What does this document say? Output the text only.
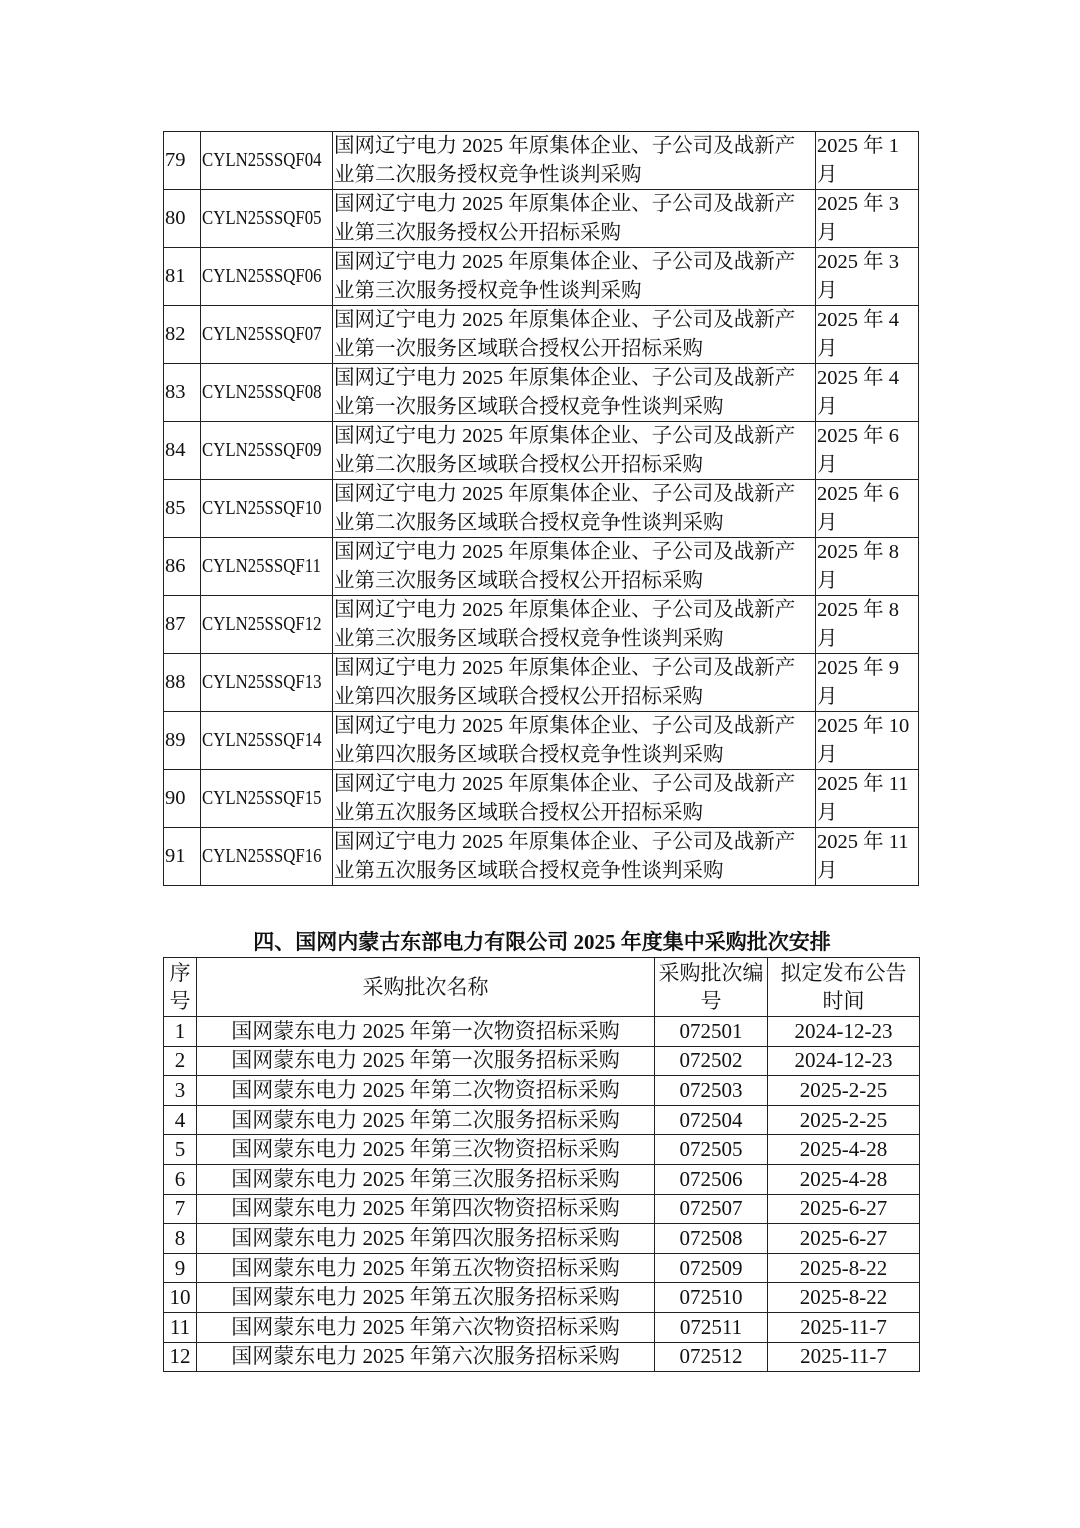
79	CYLN25SSQF04	国网辽宁电力 2025 年原集体企业、子公司及战新产
业第二次服务授权竞争性谈判采购	2025 年 1
月
80	CYLN25SSQF05	国网辽宁电力 2025 年原集体企业、子公司及战新产
业第三次服务授权公开招标采购	2025 年 3
月
81	CYLN25SSQF06	国网辽宁电力 2025 年原集体企业、子公司及战新产
业第三次服务授权竞争性谈判采购	2025 年 3
月
82	CYLN25SSQF07	国网辽宁电力 2025 年原集体企业、子公司及战新产
业第一次服务区域联合授权公开招标采购	2025 年 4
月
83	CYLN25SSQF08	国网辽宁电力 2025 年原集体企业、子公司及战新产
业第一次服务区域联合授权竞争性谈判采购	2025 年 4
月
84	CYLN25SSQF09	国网辽宁电力 2025 年原集体企业、子公司及战新产
业第二次服务区域联合授权公开招标采购	2025 年 6
月
85	CYLN25SSQF10	国网辽宁电力 2025 年原集体企业、子公司及战新产
业第二次服务区域联合授权竞争性谈判采购	2025 年 6
月
86	CYLN25SSQF11	国网辽宁电力 2025 年原集体企业、子公司及战新产
业第三次服务区域联合授权公开招标采购	2025 年 8
月
87	CYLN25SSQF12	国网辽宁电力 2025 年原集体企业、子公司及战新产
业第三次服务区域联合授权竞争性谈判采购	2025 年 8
月
88	CYLN25SSQF13	国网辽宁电力 2025 年原集体企业、子公司及战新产
业第四次服务区域联合授权公开招标采购	2025 年 9
月
89	CYLN25SSQF14	国网辽宁电力 2025 年原集体企业、子公司及战新产
业第四次服务区域联合授权竞争性谈判采购	2025 年 10
月
90	CYLN25SSQF15	国网辽宁电力 2025 年原集体企业、子公司及战新产
业第五次服务区域联合授权公开招标采购	2025 年 11
月
91	CYLN25SSQF16	国网辽宁电力 2025 年原集体企业、子公司及战新产
业第五次服务区域联合授权竞争性谈判采购	2025 年 11
月
四、国网内蒙古东部电力有限公司 2025 年度集中采购批次安排
序
号	采购批次名称	采购批次编
号	拟定发布公告
时间
1	国网蒙东电力 2025 年第一次物资招标采购	072501	2024-12-23
2	国网蒙东电力 2025 年第一次服务招标采购	072502	2024-12-23
3	国网蒙东电力 2025 年第二次物资招标采购	072503	2025-2-25
4	国网蒙东电力 2025 年第二次服务招标采购	072504	2025-2-25
5	国网蒙东电力 2025 年第三次物资招标采购	072505	2025-4-28
6	国网蒙东电力 2025 年第三次服务招标采购	072506	2025-4-28
7	国网蒙东电力 2025 年第四次物资招标采购	072507	2025-6-27
8	国网蒙东电力 2025 年第四次服务招标采购	072508	2025-6-27
9	国网蒙东电力 2025 年第五次物资招标采购	072509	2025-8-22
10	国网蒙东电力 2025 年第五次服务招标采购	072510	2025-8-22
11	国网蒙东电力 2025 年第六次物资招标采购	072511	2025-11-7
12	国网蒙东电力 2025 年第六次服务招标采购	072512	2025-11-7
